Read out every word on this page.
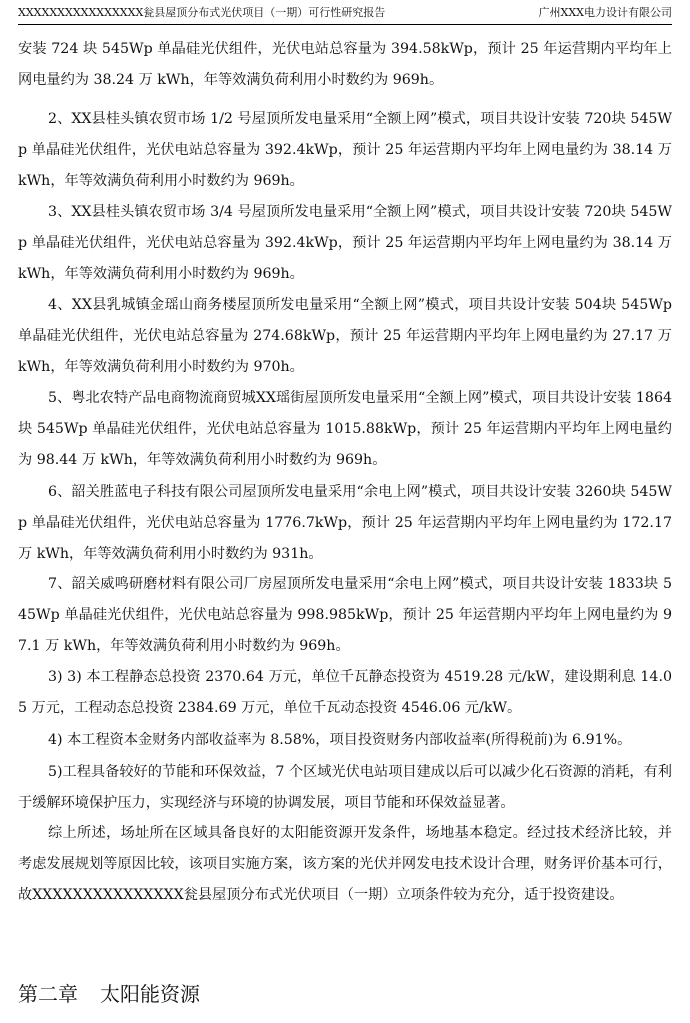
XXXXXXXXXXXXXXXX瓮县屋顶分布式光伏项目（一期）可行性研究报告	广州XXX电力设计有限公司

安装 724 块 545Wp 单晶硅光伏组件，光伏电站总容量为 394.58kWp，预计 25 年运营期内平均年上网电量约为 38.24 万 kWh，年等效满负荷利用小时数约为 969h。

2、XX县桂头镇农贸市场 1/2 号屋顶所发电量采用“全额上网”模式，项目共设计安装 720块 545Wp 单晶硅光伏组件，光伏电站总容量为 392.4kWp，预计 25 年运营期内平均年上网电量约为 38.14 万 kWh，年等效满负荷利用小时数约为 969h。

3、XX县桂头镇农贸市场 3/4 号屋顶所发电量采用“全额上网”模式，项目共设计安装 720块 545Wp 单晶硅光伏组件，光伏电站总容量为 392.4kWp，预计 25 年运营期内平均年上网电量约为 38.14 万 kWh，年等效满负荷利用小时数约为 969h。

4、XX县乳城镇金瑶山商务楼屋顶所发电量采用“全额上网”模式，项目共设计安装 504块 545Wp 单晶硅光伏组件，光伏电站总容量为 274.68kWp，预计 25 年运营期内平均年上网电量约为 27.17 万 kWh，年等效满负荷利用小时数约为 970h。

5、粤北农特产品电商物流商贸城XX瑶街屋顶所发电量采用“全额上网”模式，项目共设计安装 1864 块 545Wp 单晶硅光伏组件，光伏电站总容量为 1015.88kWp，预计 25 年运营期内平均年上网电量约为 98.44 万 kWh，年等效满负荷利用小时数约为 969h。

6、韶关胜蓝电子科技有限公司屋顶所发电量采用“余电上网”模式，项目共设计安装 3260块 545Wp 单晶硅光伏组件，光伏电站总容量为 1776.7kWp，预计 25 年运营期内平均年上网电量约为 172.17 万 kWh，年等效满负荷利用小时数约为 931h。

7、韶关威鸣研磨材料有限公司厂房屋顶所发电量采用“余电上网”模式，项目共设计安装 1833块 545Wp 单晶硅光伏组件，光伏电站总容量为 998.985kWp，预计 25 年运营期内平均年上网电量约为 97.1 万 kWh，年等效满负荷利用小时数约为 969h。

3) 3) 本工程静态总投资 2370.64 万元，单位千瓦静态投资为 4519.28 元/kW，建设期利息 14.05 万元，工程动态总投资 2384.69 万元，单位千瓦动态投资 4546.06 元/kW。

4) 本工程资本金财务内部收益率为 8.58%，项目投资财务内部收益率(所得税前)为 6.91%。

5)工程具备较好的节能和环保效益，7 个区域光伏电站项目建成以后可以减少化石资源的消耗，有利于缓解环境保护压力，实现经济与环境的协调发展，项目节能和环保效益显著。

综上所述，场址所在区域具备良好的太阳能资源开发条件，场地基本稳定。经过技术经济比较，并考虑发展规划等原因比较，该项目实施方案，该方案的光伏并网发电技术设计合理，财务评价基本可行，故XXXXXXXXXXXXXXX瓮县屋顶分布式光伏项目（一期）立项条件较为充分，适于投资建设。

第二章 太阳能资源
